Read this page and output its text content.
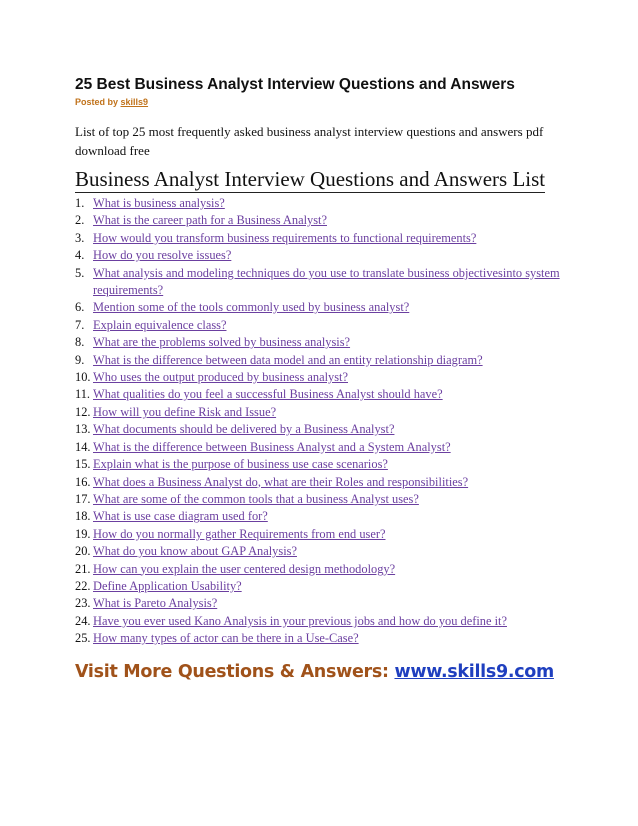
25 Best Business Analyst Interview Questions and Answers
Posted by skills9
List of top 25 most frequently asked business analyst interview questions and answers pdf download free
Business Analyst Interview Questions and Answers List
1. What is business analysis?
2. What is the career path for a Business Analyst?
3. How would you transform business requirements to functional requirements?
4. How do you resolve issues?
5. What analysis and modeling techniques do you use to translate business objectivesinto system requirements?
6. Mention some of the tools commonly used by business analyst?
7. Explain equivalence class?
8. What are the problems solved by business analysis?
9. What is the difference between data model and an entity relationship diagram?
10. Who uses the output produced by business analyst?
11. What qualities do you feel a successful Business Analyst should have?
12. How will you define Risk and Issue?
13. What documents should be delivered by a Business Analyst?
14. What is the difference between Business Analyst and a System Analyst?
15. Explain what is the purpose of business use case scenarios?
16. What does a Business Analyst do, what are their Roles and responsibilities?
17. What are some of the common tools that a business Analyst uses?
18. What is use case diagram used for?
19. How do you normally gather Requirements from end user?
20. What do you know about GAP Analysis?
21. How can you explain the user centered design methodology?
22. Define Application Usability?
23. What is Pareto Analysis?
24. Have you ever used Kano Analysis in your previous jobs and how do you define it?
25. How many types of actor can be there in a Use-Case?
Visit More Questions & Answers: www.skills9.com
